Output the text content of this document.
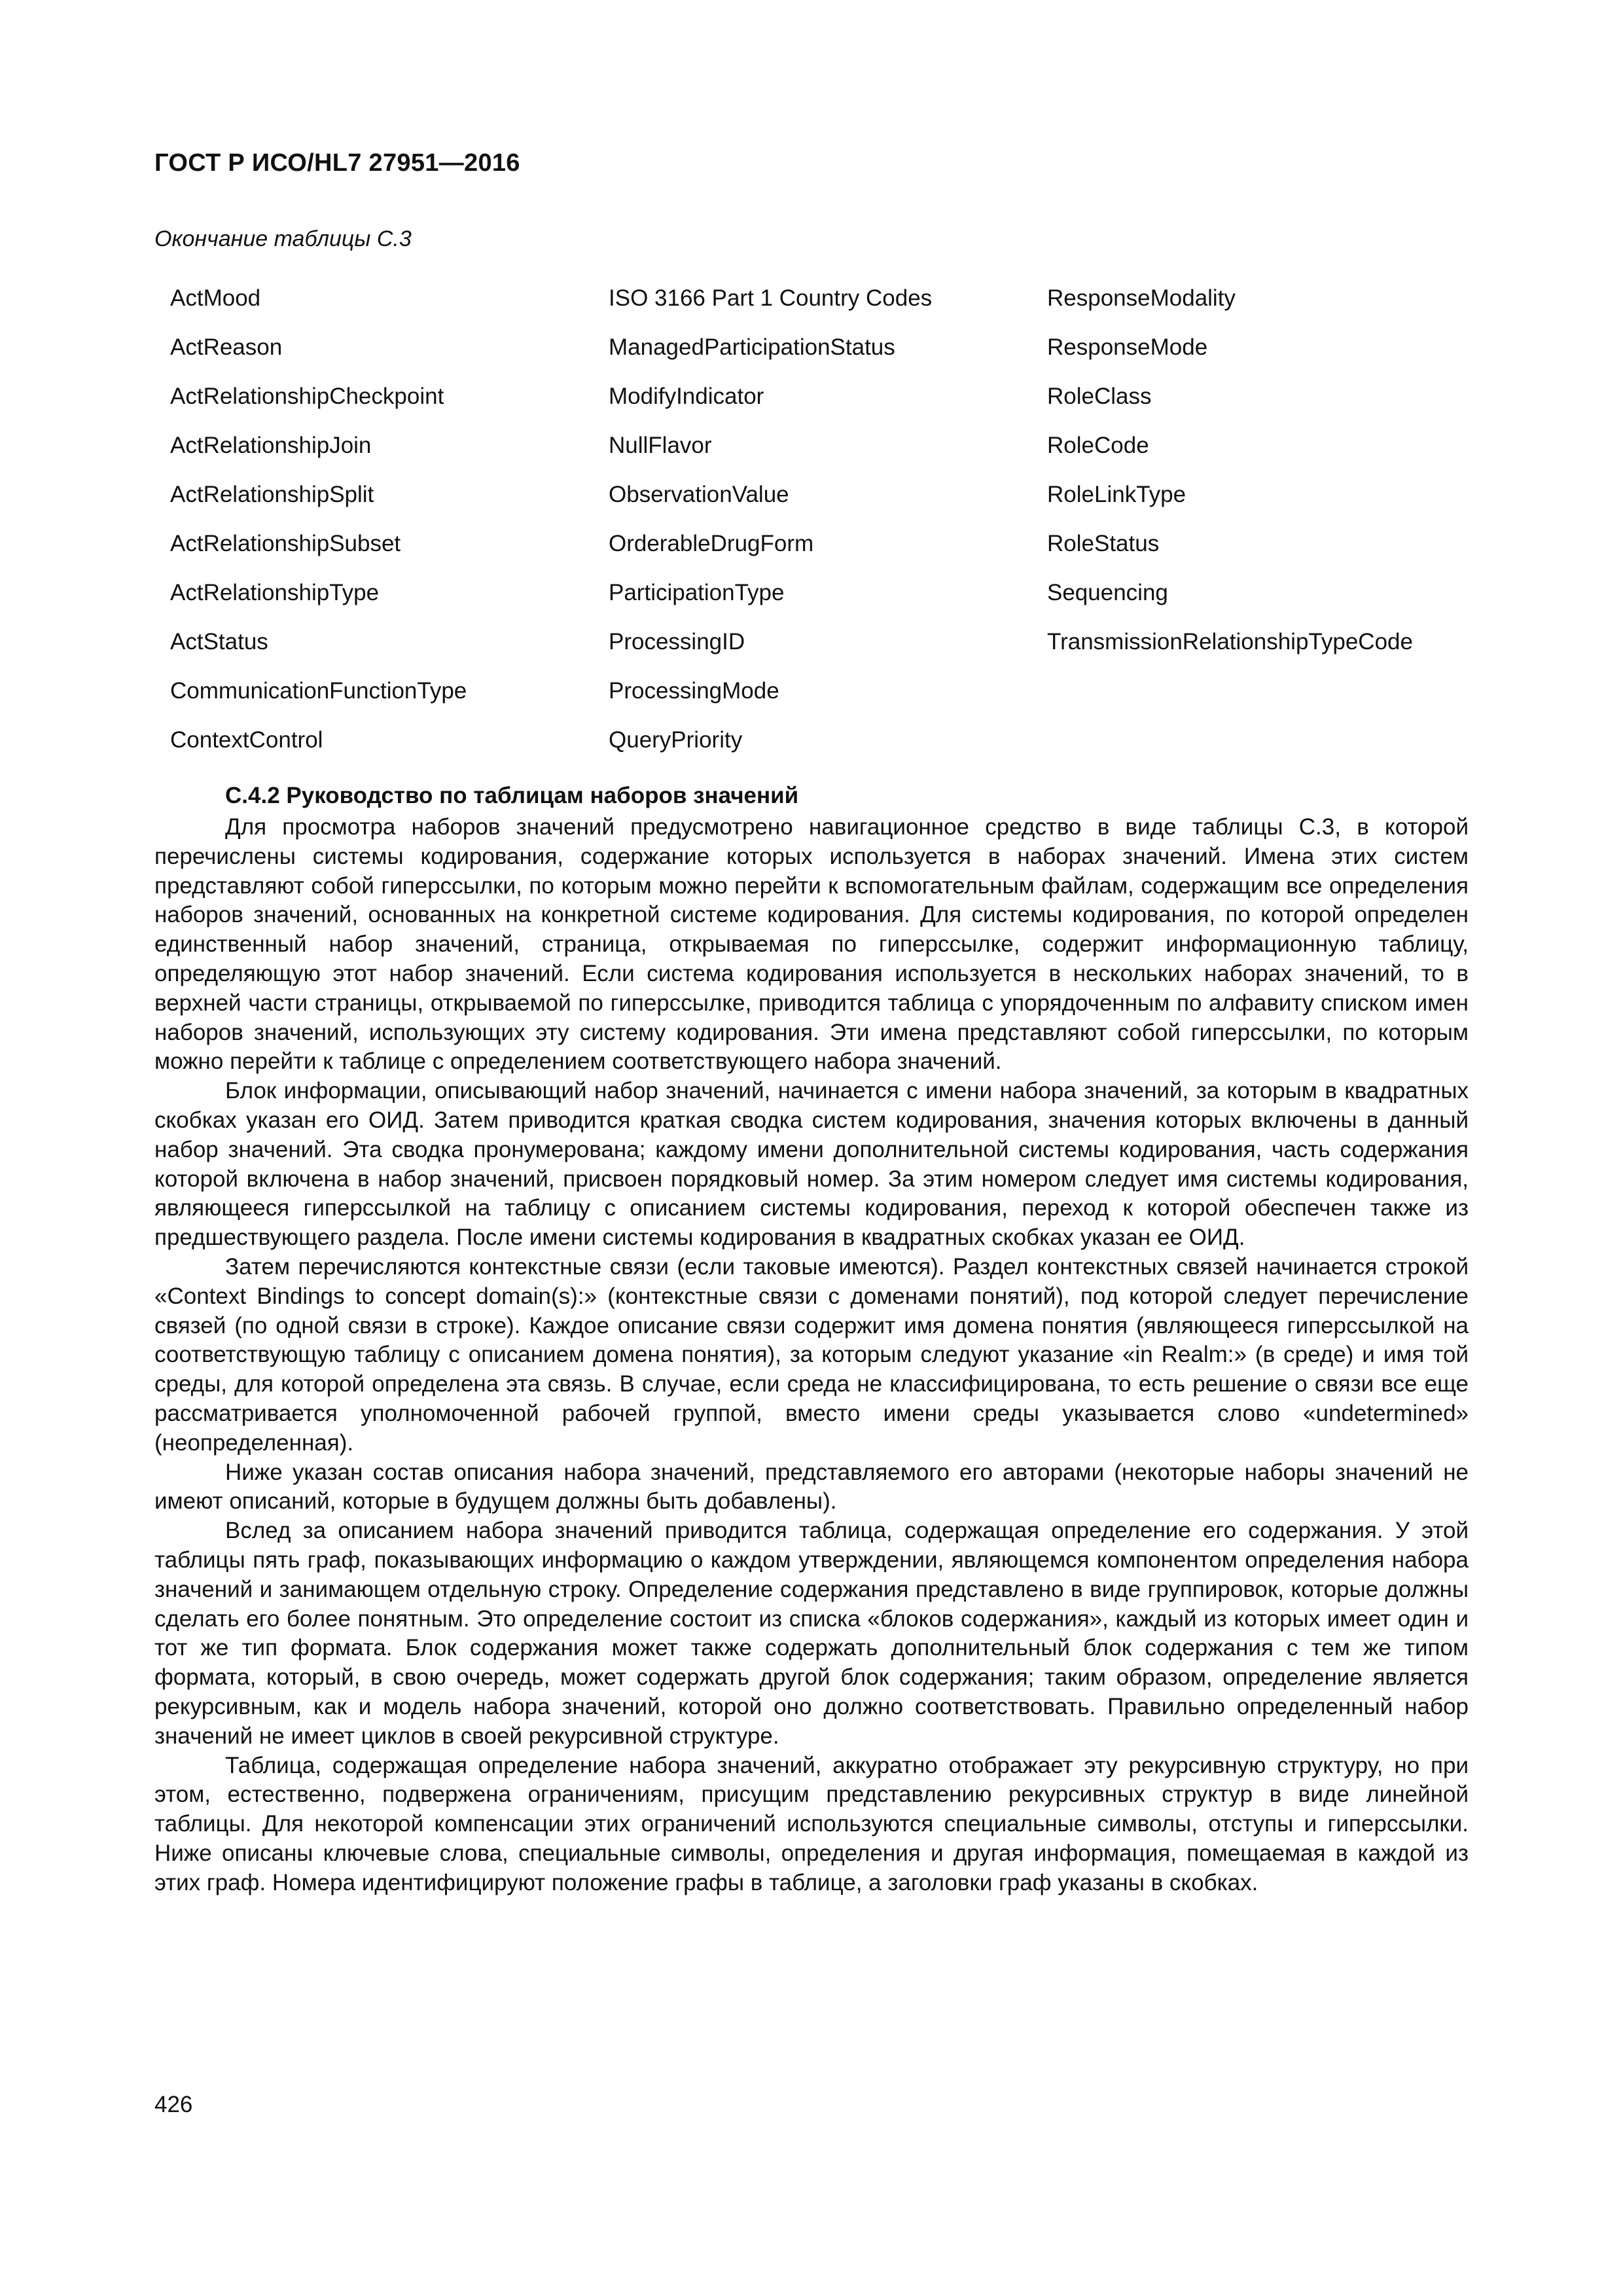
ГОСТ Р ИСО/HL7 27951—2016
Окончание таблицы С.3
ActMood	ISO 3166 Part 1 Country Codes	ResponseModality
ActReason	ManagedParticipationStatus	ResponseMode
ActRelationshipCheckpoint	ModifyIndicator	RoleClass
ActRelationshipJoin	NullFlavor	RoleCode
ActRelationshipSplit	ObservationValue	RoleLinkType
ActRelationshipSubset	OrderableDrugForm	RoleStatus
ActRelationshipType	ParticipationType	Sequencing
ActStatus	ProcessingID	TransmissionRelationshipTypeCode
CommunicationFunctionType	ProcessingMode	
ContextControl	QueryPriority	
С.4.2 Руководство по таблицам наборов значений

Для просмотра наборов значений предусмотрено навигационное средство в виде таблицы С.3, в которой перечислены системы кодирования, содержание которых используется в наборах значений. Имена этих систем представляют собой гиперссылки, по которым можно перейти к вспомогательным файлам, содержащим все определения наборов значений, основанных на конкретной системе кодирования. Для системы кодирования, по которой определен единственный набор значений, страница, открываемая по гиперссылке, содержит информационную таблицу, определяющую этот набор значений. Если система кодирования используется в нескольких наборах значений, то в верхней части страницы, открываемой по гиперссылке, приводится таблица с упорядоченным по алфавиту списком имен наборов значений, использующих эту систему кодирования. Эти имена представляют собой гиперссылки, по которым можно перейти к таблице с определением соответствующего набора значений.

Блок информации, описывающий набор значений, начинается с имени набора значений, за которым в квадратных скобках указан его ОИД. Затем приводится краткая сводка систем кодирования, значения которых включены в данный набор значений. Эта сводка пронумерована; каждому имени дополнительной системы кодирования, часть содержания которой включена в набор значений, присвоен порядковый номер. За этим номером следует имя системы кодирования, являющееся гиперссылкой на таблицу с описанием системы кодирования, переход к которой обеспечен также из предшествующего раздела. После имени системы кодирования в квадратных скобках указан ее ОИД.

Затем перечисляются контекстные связи (если таковые имеются). Раздел контекстных связей начинается строкой «Context Bindings to concept domain(s):» (контекстные связи с доменами понятий), под которой следует перечисление связей (по одной связи в строке). Каждое описание связи содержит имя домена понятия (являющееся гиперссылкой на соответствующую таблицу с описанием домена понятия), за которым следуют указание «in Realm:» (в среде) и имя той среды, для которой определена эта связь. В случае, если среда не классифицирована, то есть решение о связи все еще рассматривается уполномоченной рабочей группой, вместо имени среды указывается слово «undetermined» (неопределенная).

Ниже указан состав описания набора значений, представляемого его авторами (некоторые наборы значений не имеют описаний, которые в будущем должны быть добавлены).

Вслед за описанием набора значений приводится таблица, содержащая определение его содержания. У этой таблицы пять граф, показывающих информацию о каждом утверждении, являющемся компонентом определения набора значений и занимающем отдельную строку. Определение содержания представлено в виде группировок, которые должны сделать его более понятным. Это определение состоит из списка «блоков содержания», каждый из которых имеет один и тот же тип формата. Блок содержания может также содержать дополнительный блок содержания с тем же типом формата, который, в свою очередь, может содержать другой блок содержания; таким образом, определение является рекурсивным, как и модель набора значений, которой оно должно соответствовать. Правильно определенный набор значений не имеет циклов в своей рекурсивной структуре.

Таблица, содержащая определение набора значений, аккуратно отображает эту рекурсивную структуру, но при этом, естественно, подвержена ограничениям, присущим представлению рекурсивных структур в виде линейной таблицы. Для некоторой компенсации этих ограничений используются специальные символы, отступы и гиперссылки. Ниже описаны ключевые слова, специальные символы, определения и другая информация, помещаемая в каждой из этих граф. Номера идентифицируют положение графы в таблице, а заголовки граф указаны в скобках.

426
